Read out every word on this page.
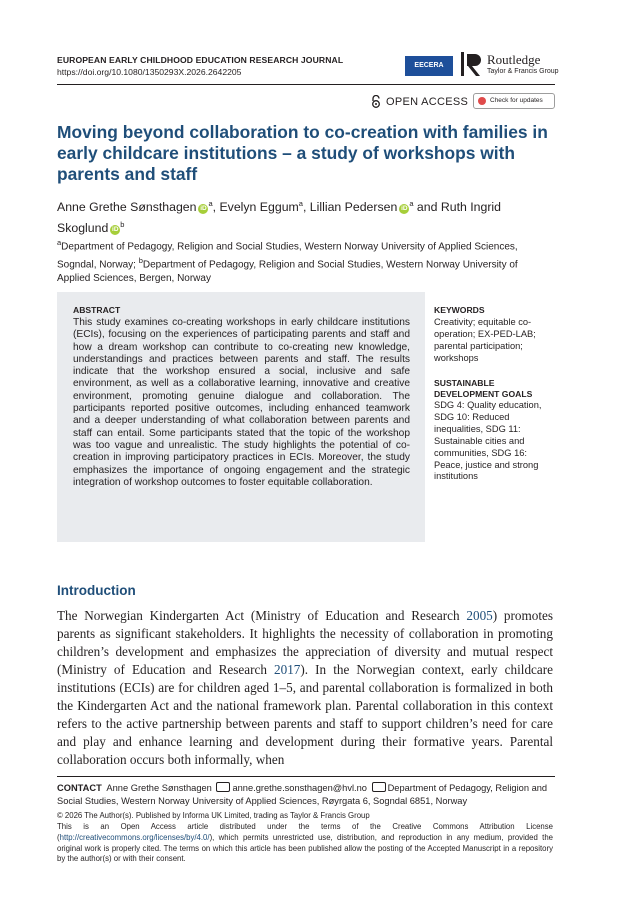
EUROPEAN EARLY CHILDHOOD EDUCATION RESEARCH JOURNAL
https://doi.org/10.1080/1350293X.2026.2642205
EECERA	Routledge
Taylor & Francis Group
OPEN ACCESS	Check for updates
Moving beyond collaboration to co-creation with families in early childcare institutions – a study of workshops with parents and staff
Anne Grethe Sønsthagen $iD^a$, Evelyn Eggum$^a$, Lillian Pedersen $iD^a$ and Ruth Ingrid Skoglund $iD^b$
$^a$Department of Pedagogy, Religion and Social Studies, Western Norway University of Applied Sciences, Sogndal, Norway; $^b$Department of Pedagogy, Religion and Social Studies, Western Norway University of Applied Sciences, Bergen, Norway
ABSTRACT
This study examines co-creating workshops in early childcare institutions (ECIs), focusing on the experiences of participating parents and staff and how a dream workshop can contribute to co-creating new knowledge, understandings and practices between parents and staff. The results indicate that the workshop ensured a social, inclusive and safe environment, as well as a collaborative learning, innovative and creative environment, promoting genuine dialogue and collaboration. The participants reported positive outcomes, including enhanced teamwork and a deeper understanding of what collaboration between parents and staff can entail. Some participants stated that the topic of the workshop was too vague and unrealistic. The study highlights the potential of co-creation in improving participatory practices in ECIs. Moreover, the study emphasizes the importance of ongoing engagement and the strategic integration of workshop outcomes to foster equitable collaboration.
KEYWORDS
Creativity; equitable co-operation; EX-PED-LAB; parental participation; workshops
SUSTAINABLE DEVELOPMENT GOALS
SDG 4: Quality education, SDG 10: Reduced inequalities, SDG 11: Sustainable cities and communities, SDG 16: Peace, justice and strong institutions
Introduction
The Norwegian Kindergarten Act (Ministry of Education and Research 2005) promotes parents as significant stakeholders. It highlights the necessity of collaboration in promoting children’s development and emphasizes the appreciation of diversity and mutual respect (Ministry of Education and Research 2017). In the Norwegian context, early childcare institutions (ECIs) are for children aged 1–5, and parental collaboration is formalized in both the Kindergarten Act and the national framework plan. Parental collaboration in this context refers to the active partnership between parents and staff to support children’s need for care and play and enhance learning and development during their formative years. Parental collaboration occurs both informally, when
CONTACT Anne Grethe Sønsthagen anne.grethe.sonsthagen@hvl.no Department of Pedagogy, Religion and Social Studies, Western Norway University of Applied Sciences, Røyrgata 6, Sogndal 6851, Norway
© 2026 The Author(s). Published by Informa UK Limited, trading as Taylor & Francis Group
This is an Open Access article distributed under the terms of the Creative Commons Attribution License (http://creativecommons.org/licenses/by/4.0/), which permits unrestricted use, distribution, and reproduction in any medium, provided the original work is properly cited. The terms on which this article has been published allow the posting of the Accepted Manuscript in a repository by the author(s) or with their consent.
